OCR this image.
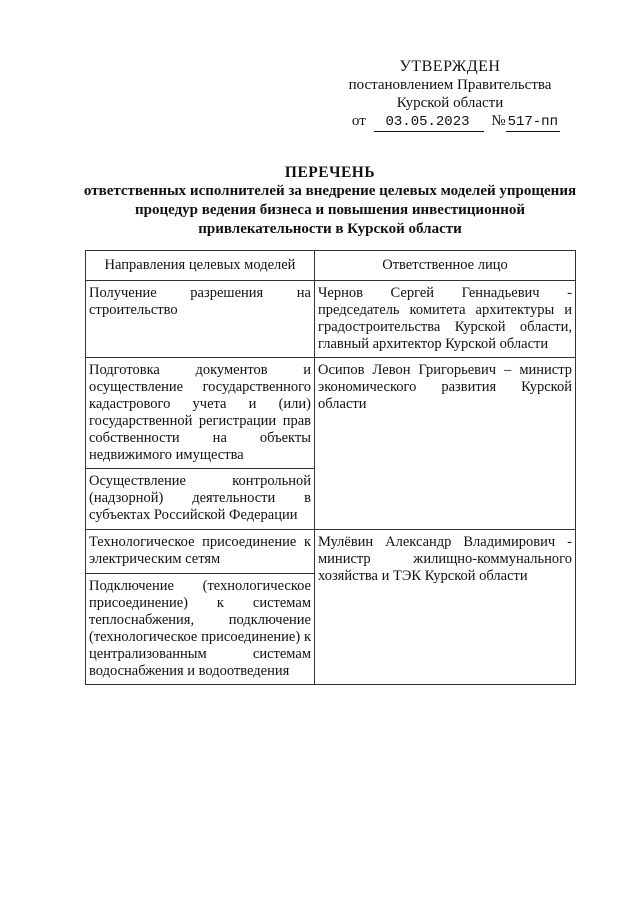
УТВЕРЖДЕН
постановлением Правительства
Курской области
от 03.05.2023 № 517-пп
ПЕРЕЧЕНЬ
ответственных исполнителей за внедрение целевых моделей упрощения процедур ведения бизнеса и повышения инвестиционной привлекательности в Курской области
Направления целевых моделей	Ответственное лицо
Получение разрешения на строительство	Чернов Сергей Геннадьевич - председатель комитета архитектуры и градостроительства Курской области, главный архитектор Курской области
Подготовка документов и осуществление государственного кадастрового учета и (или) государственной регистрации прав собственности на объекты недвижимого имущества	Осипов Левон Григорьевич – министр экономического развития Курской области
Осуществление контрольной (надзорной) деятельности в субъектах Российской Федерации	
Технологическое присоединение к электрическим сетям	Мулёвин Александр Владимирович - министр жилищно-коммунального хозяйства и ТЭК Курской области
Подключение (технологическое присоединение) к системам теплоснабжения, подключение (технологическое присоединение) к централизованным системам водоснабжения и водоотведения	
